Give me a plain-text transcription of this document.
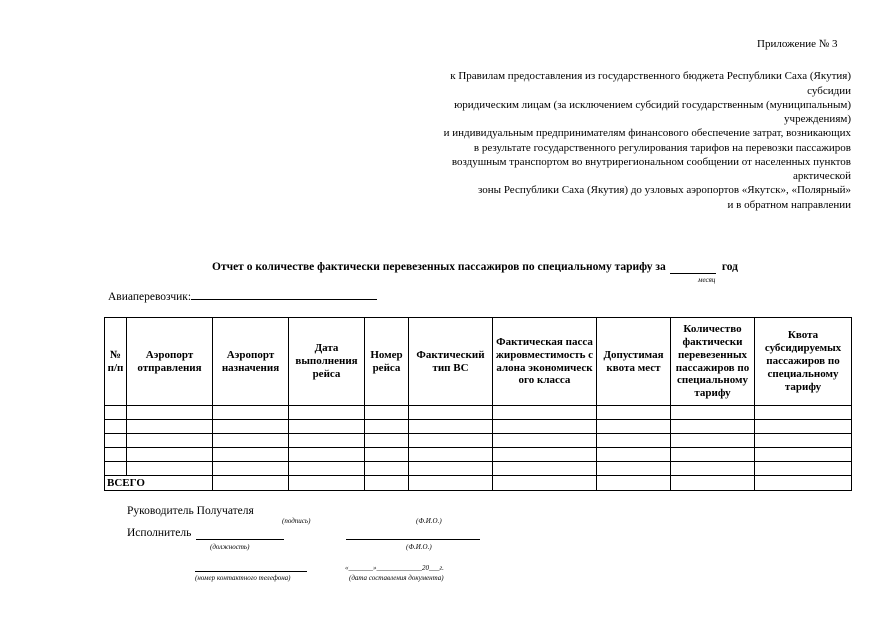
Приложение № 3
к Правилам предоставления из государственного бюджета Республики Саха (Якутия)
субсидии
юридическим лицам (за исключением субсидий государственным (муниципальным)
учреждениям)
и индивидуальным предпринимателям финансового обеспечение затрат, возникающих
в результате государственного регулирования тарифов на перевозки пассажиров
воздушным транспортом во внутрирегиональном сообщении от населенных пунктов
арктической
зоны Республики Саха (Якутия) до узловых аэропортов «Якутск», «Полярный»
и в обратном направлении
Отчет о количестве фактически перевезенных пассажиров по специальному тарифу за	год
месяц
Авиаперевозчик:
№ п/п	Аэропорт отправления	Аэропорт назначения	Дата выполнения рейса	Номер рейса	Фактический тип ВС	Фактическая пассажировместимость салона экономического класса	Допустимая квота мест	Количество фактически перевезенных пассажиров по специальному тарифу	Квота субсидируемых пассажиров по специальному тарифу

ВСЕГО									
Руководитель Получателя
(подпись)	(Ф.И.О.)
Исполнитель
(должность)	(Ф.И.О.)
«_______»_____________20___г.
(номер контактного телефона)	(дата составления документа)
